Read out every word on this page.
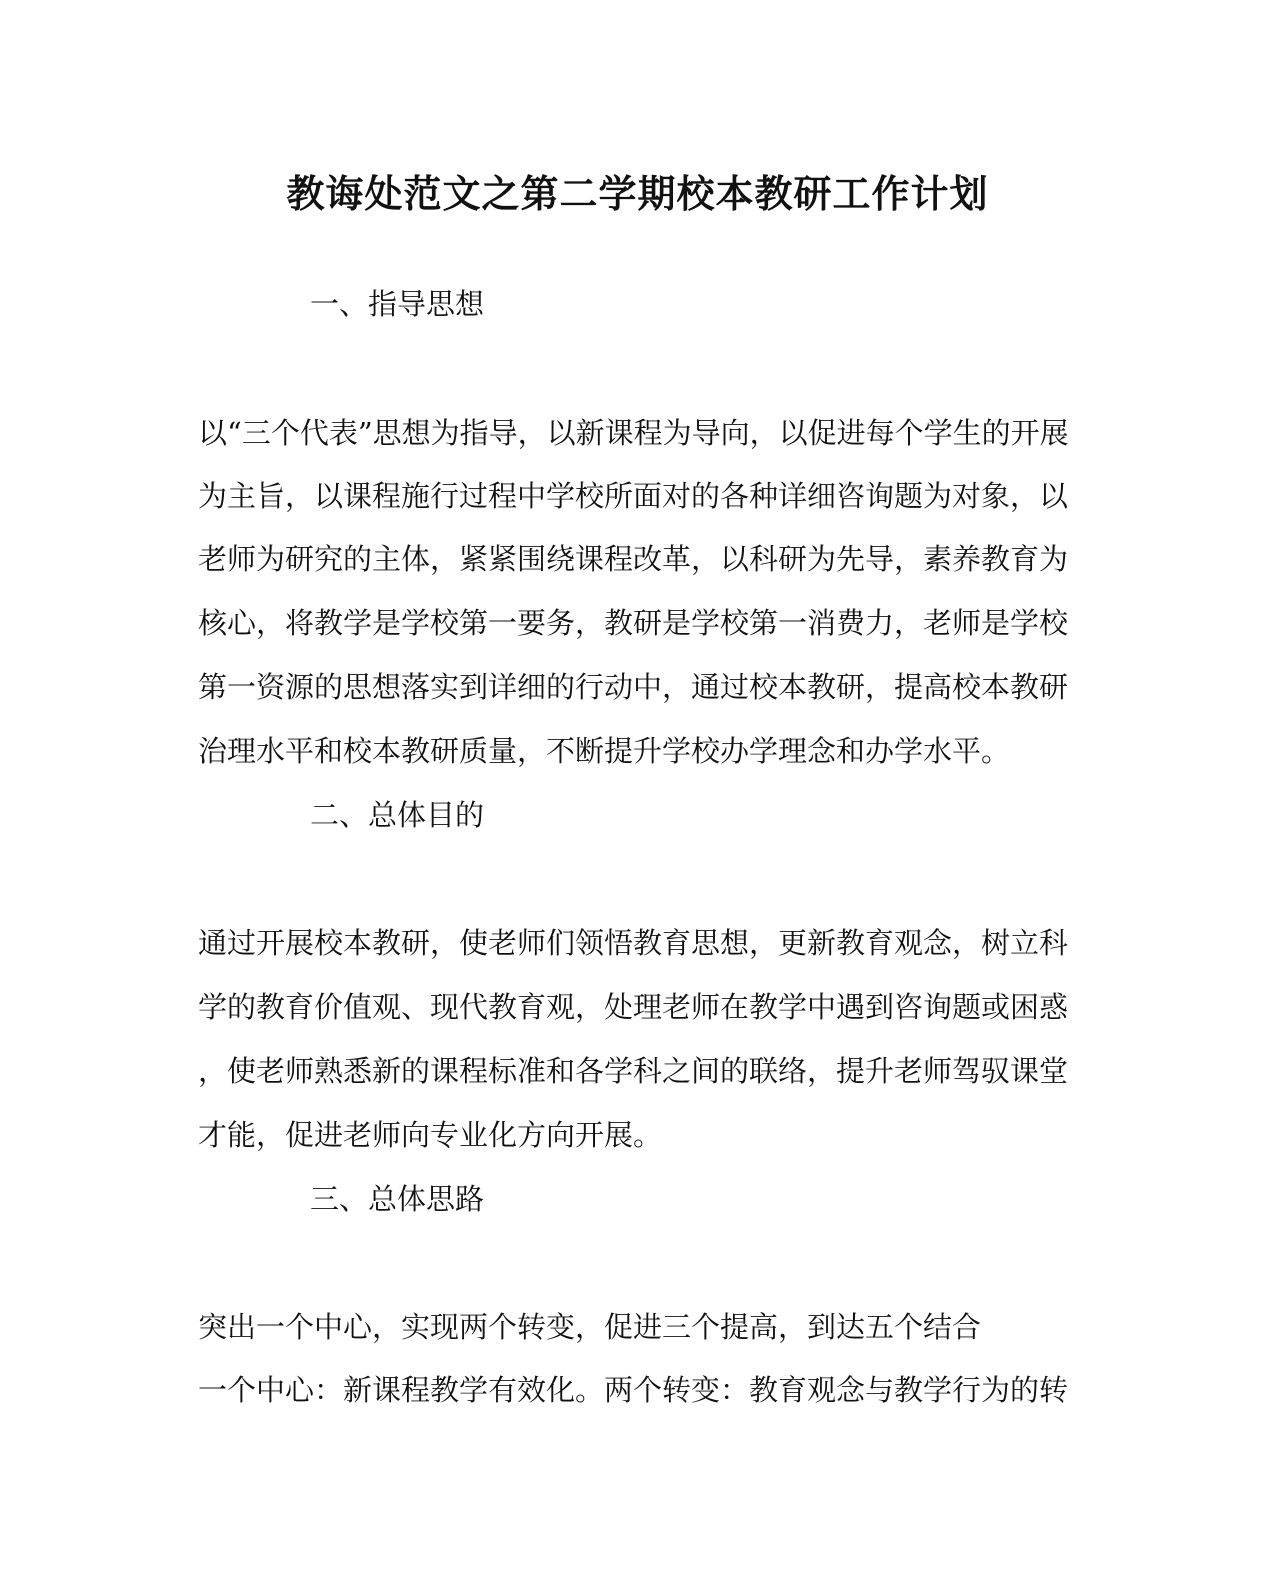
教诲处范文之第二学期校本教研工作计划
一、指导思想
以“三个代表”思想为指导，以新课程为导向，以促进每个学生的开展
为主旨，以课程施行过程中学校所面对的各种详细咨询题为对象，以
老师为研究的主体，紧紧围绕课程改革，以科研为先导，素养教育为
核心，将教学是学校第一要务，教研是学校第一消费力，老师是学校
第一资源的思想落实到详细的行动中，通过校本教研，提高校本教研
治理水平和校本教研质量，不断提升学校办学理念和办学水平。
二、总体目的
通过开展校本教研，使老师们领悟教育思想，更新教育观念，树立科
学的教育价值观、现代教育观，处理老师在教学中遇到咨询题或困惑
，使老师熟悉新的课程标准和各学科之间的联络，提升老师驾驭课堂
才能，促进老师向专业化方向开展。
三、总体思路
突出一个中心，实现两个转变，促进三个提高，到达五个结合
一个中心：新课程教学有效化。两个转变：教育观念与教学行为的转
